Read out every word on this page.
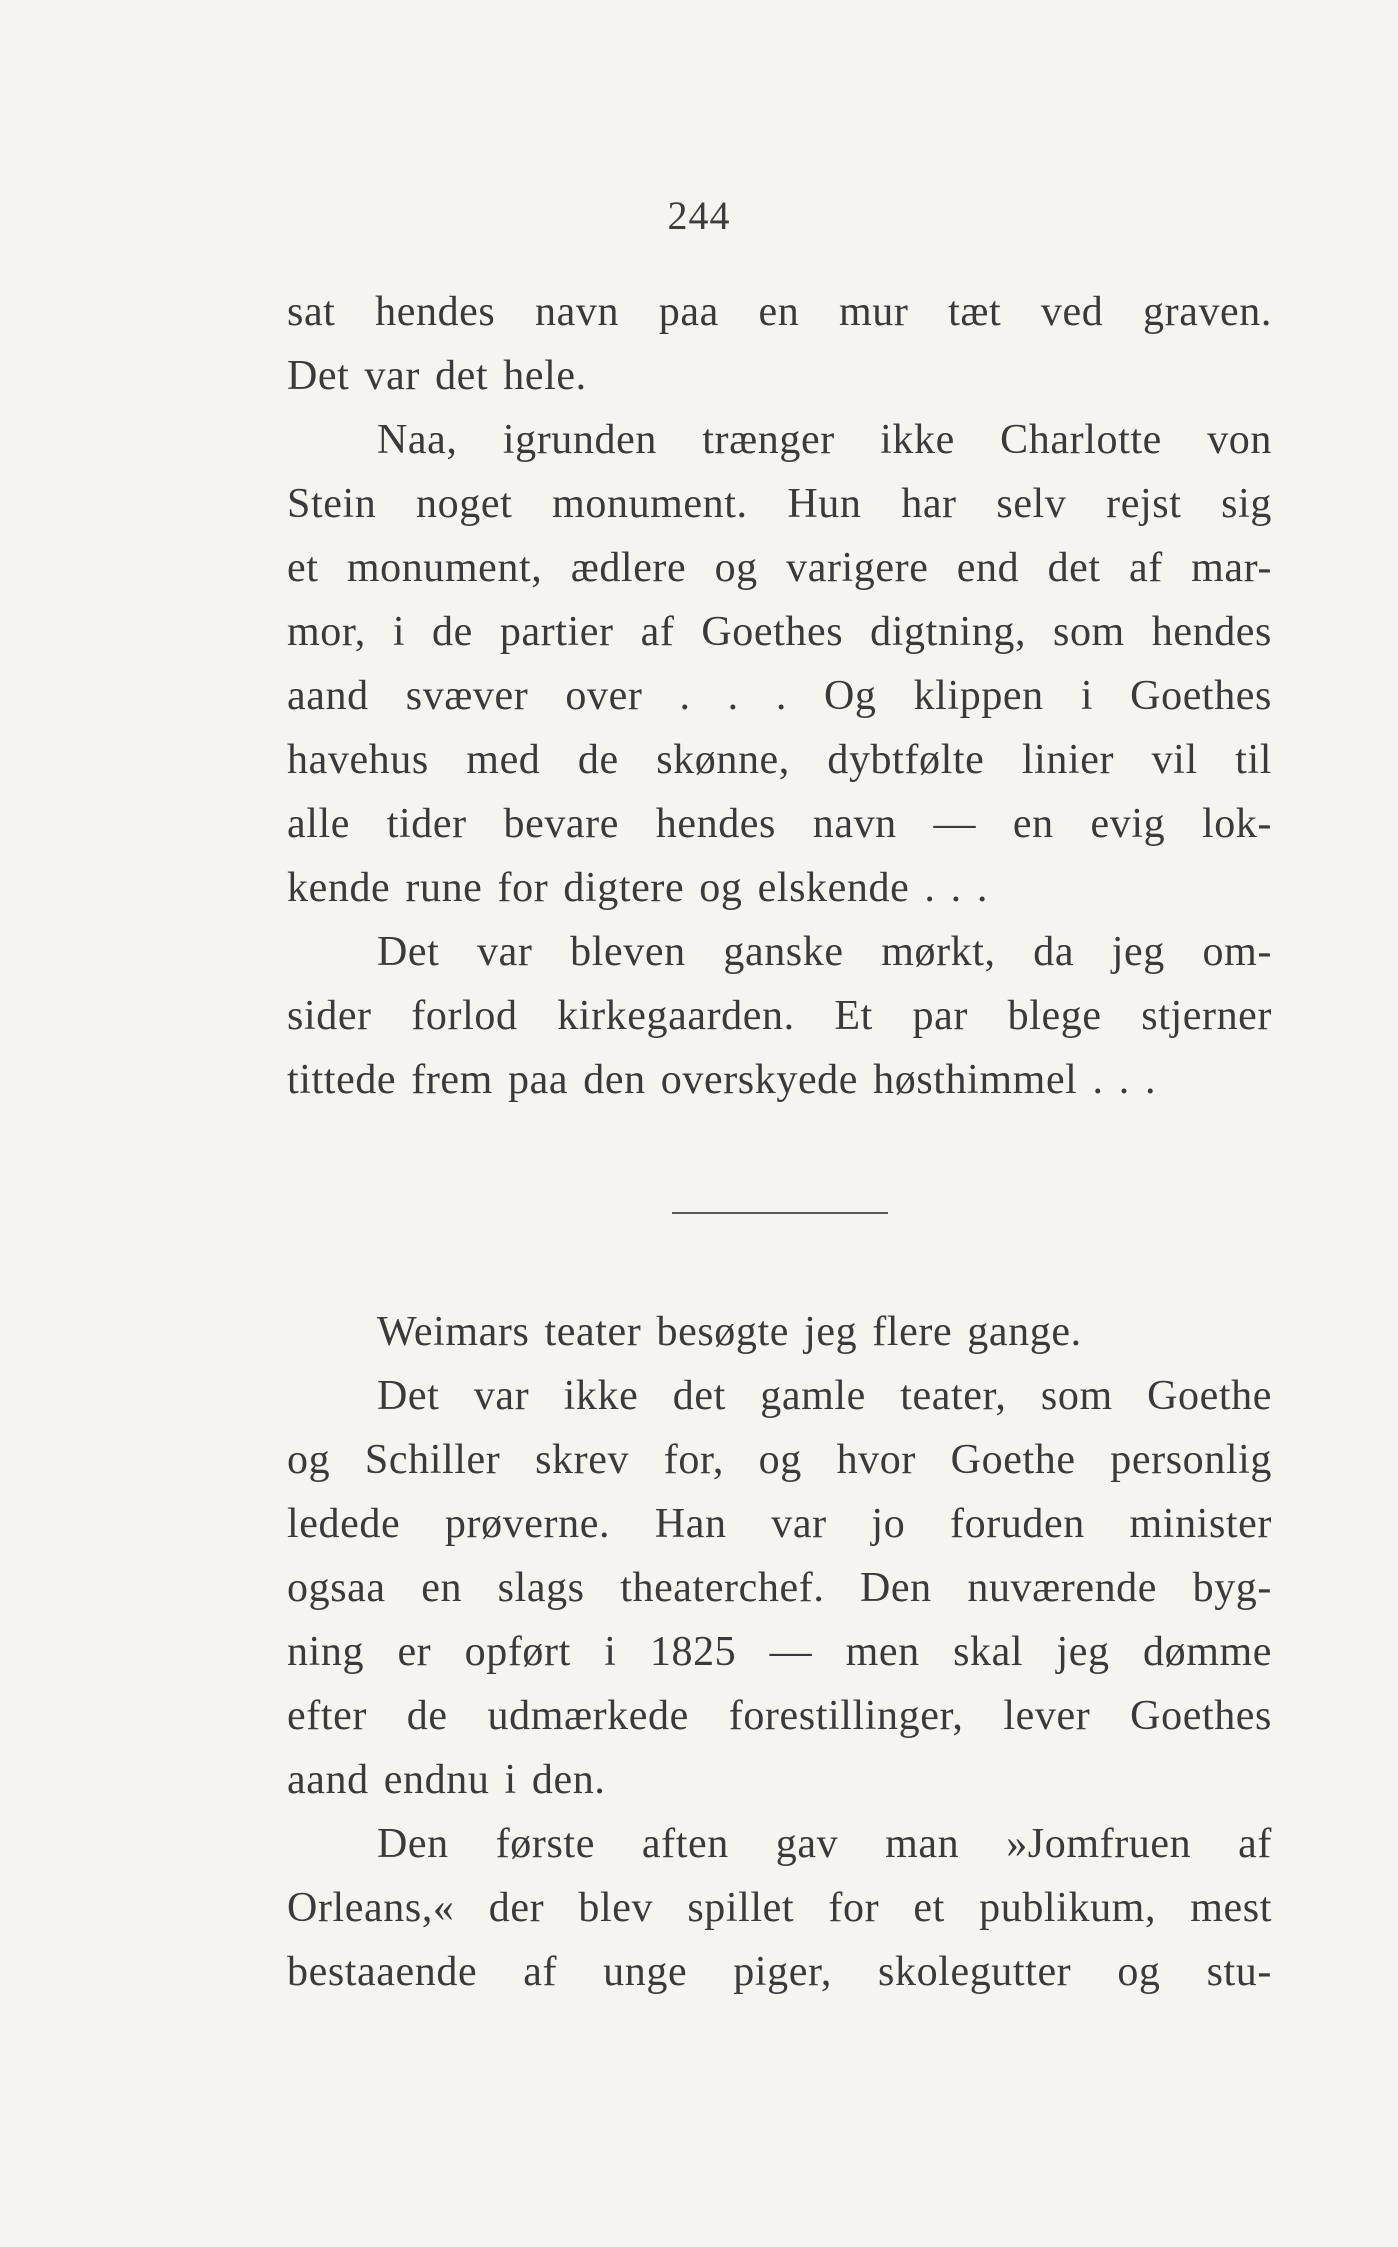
244
sat hendes navn paa en mur tæt ved graven.
Det var det hele.
Naa, igrunden trænger ikke Charlotte von
Stein noget monument. Hun har selv rejst sig
et monument, ædlere og varigere end det af mar-
mor, i de partier af Goethes digtning, som hendes
aand svæver over . . . Og klippen i Goethes
havehus med de skønne, dybtfølte linier vil til
alle tider bevare hendes navn — en evig lok-
kende rune for digtere og elskende . . .
Det var bleven ganske mørkt, da jeg om-
sider forlod kirkegaarden. Et par blege stjerner
tittede frem paa den overskyede høsthimmel . . .
Weimars teater besøgte jeg flere gange.
Det var ikke det gamle teater, som Goethe
og Schiller skrev for, og hvor Goethe personlig
ledede prøverne. Han var jo foruden minister
ogsaa en slags theaterchef. Den nuværende byg-
ning er opført i 1825 — men skal jeg dømme
efter de udmærkede forestillinger, lever Goethes
aand endnu i den.
Den første aften gav man »Jomfruen af
Orleans,« der blev spillet for et publikum, mest
bestaaende af unge piger, skolegutter og stu-
